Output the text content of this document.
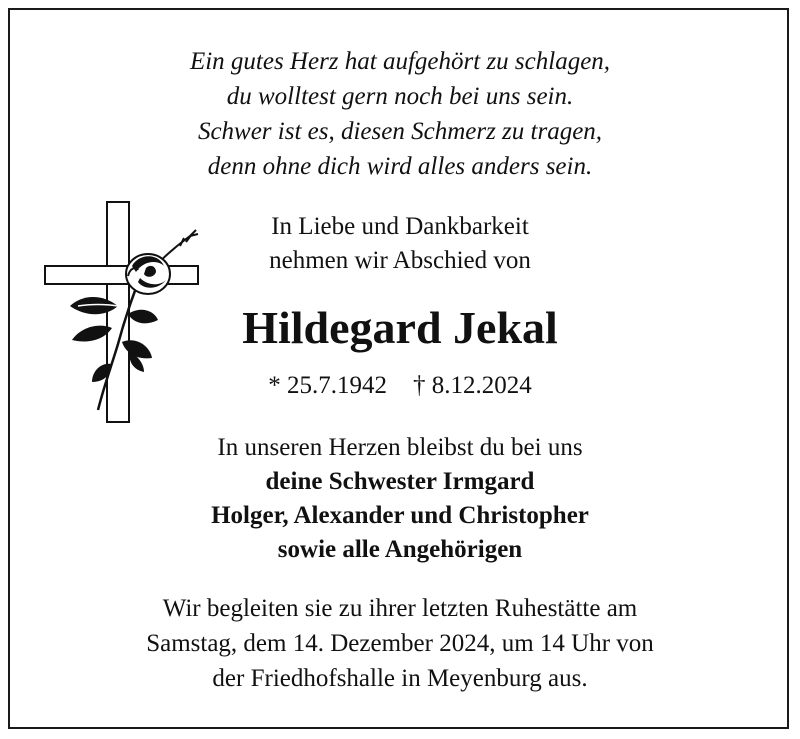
Ein gutes Herz hat aufgehört zu schlagen,
du wolltest gern noch bei uns sein.
Schwer ist es, diesen Schmerz zu tragen,
denn ohne dich wird alles anders sein.
In Liebe und Dankbarkeit
nehmen wir Abschied von
Hildegard Jekal
* 25.7.1942 † 8.12.2024
In unseren Herzen bleibst du bei uns
deine Schwester Irmgard
Holger, Alexander und Christopher
sowie alle Angehörigen
Wir begleiten sie zu ihrer letzten Ruhestätte am
Samstag, dem 14. Dezember 2024, um 14 Uhr von
der Friedhofshalle in Meyenburg aus.
